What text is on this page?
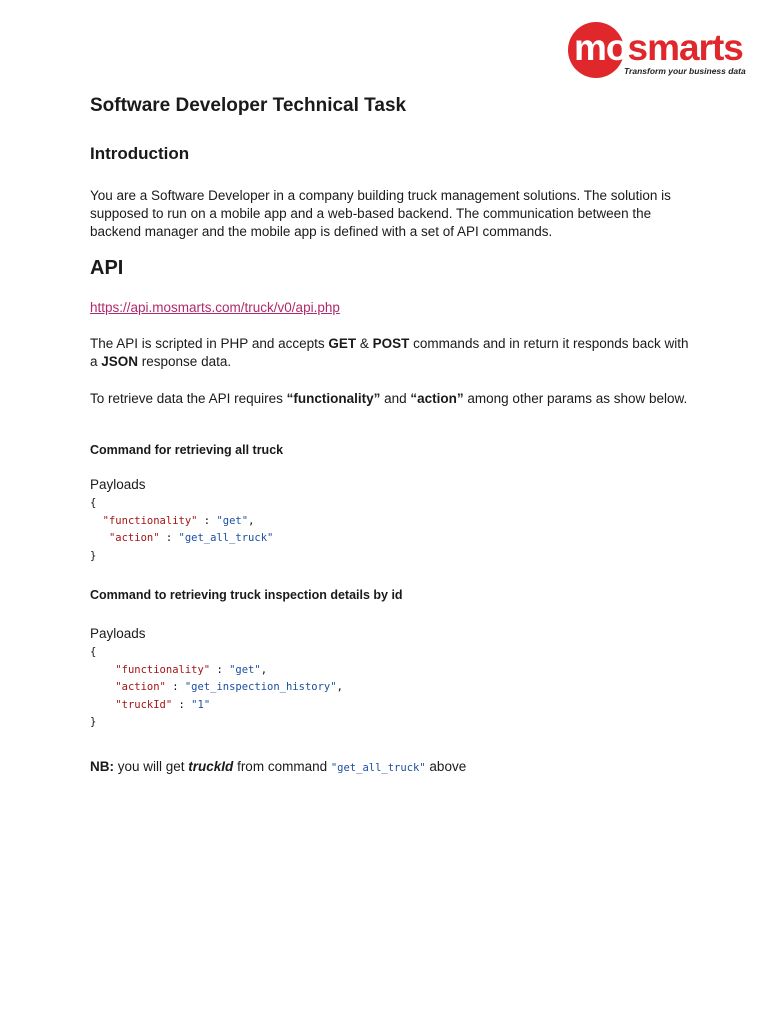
mosmarts
Transform your business data
Software Developer Technical Task
Introduction

You are a Software Developer in a company building truck management solutions. The solution is supposed to run on a mobile app and a web-based backend. The communication between the backend manager and the mobile app is defined with a set of API commands.

API

https://api.mosmarts.com/truck/v0/api.php

The API is scripted in PHP and accepts GET & POST commands and in return it responds back with a JSON response data.

To retrieve data the API requires “functionality” and “action” among other params as show below.

Command for retrieving all truck
Payloads
{
"functionality" : "get",
"action" : "get_all_truck"
}
Command to retrieving truck inspection details by id
Payloads
{
"functionality" : "get",
"action" : "get_inspection_history",
"truckId" : "1"
}

NB: you will get truckId from command "get_all_truck" above
